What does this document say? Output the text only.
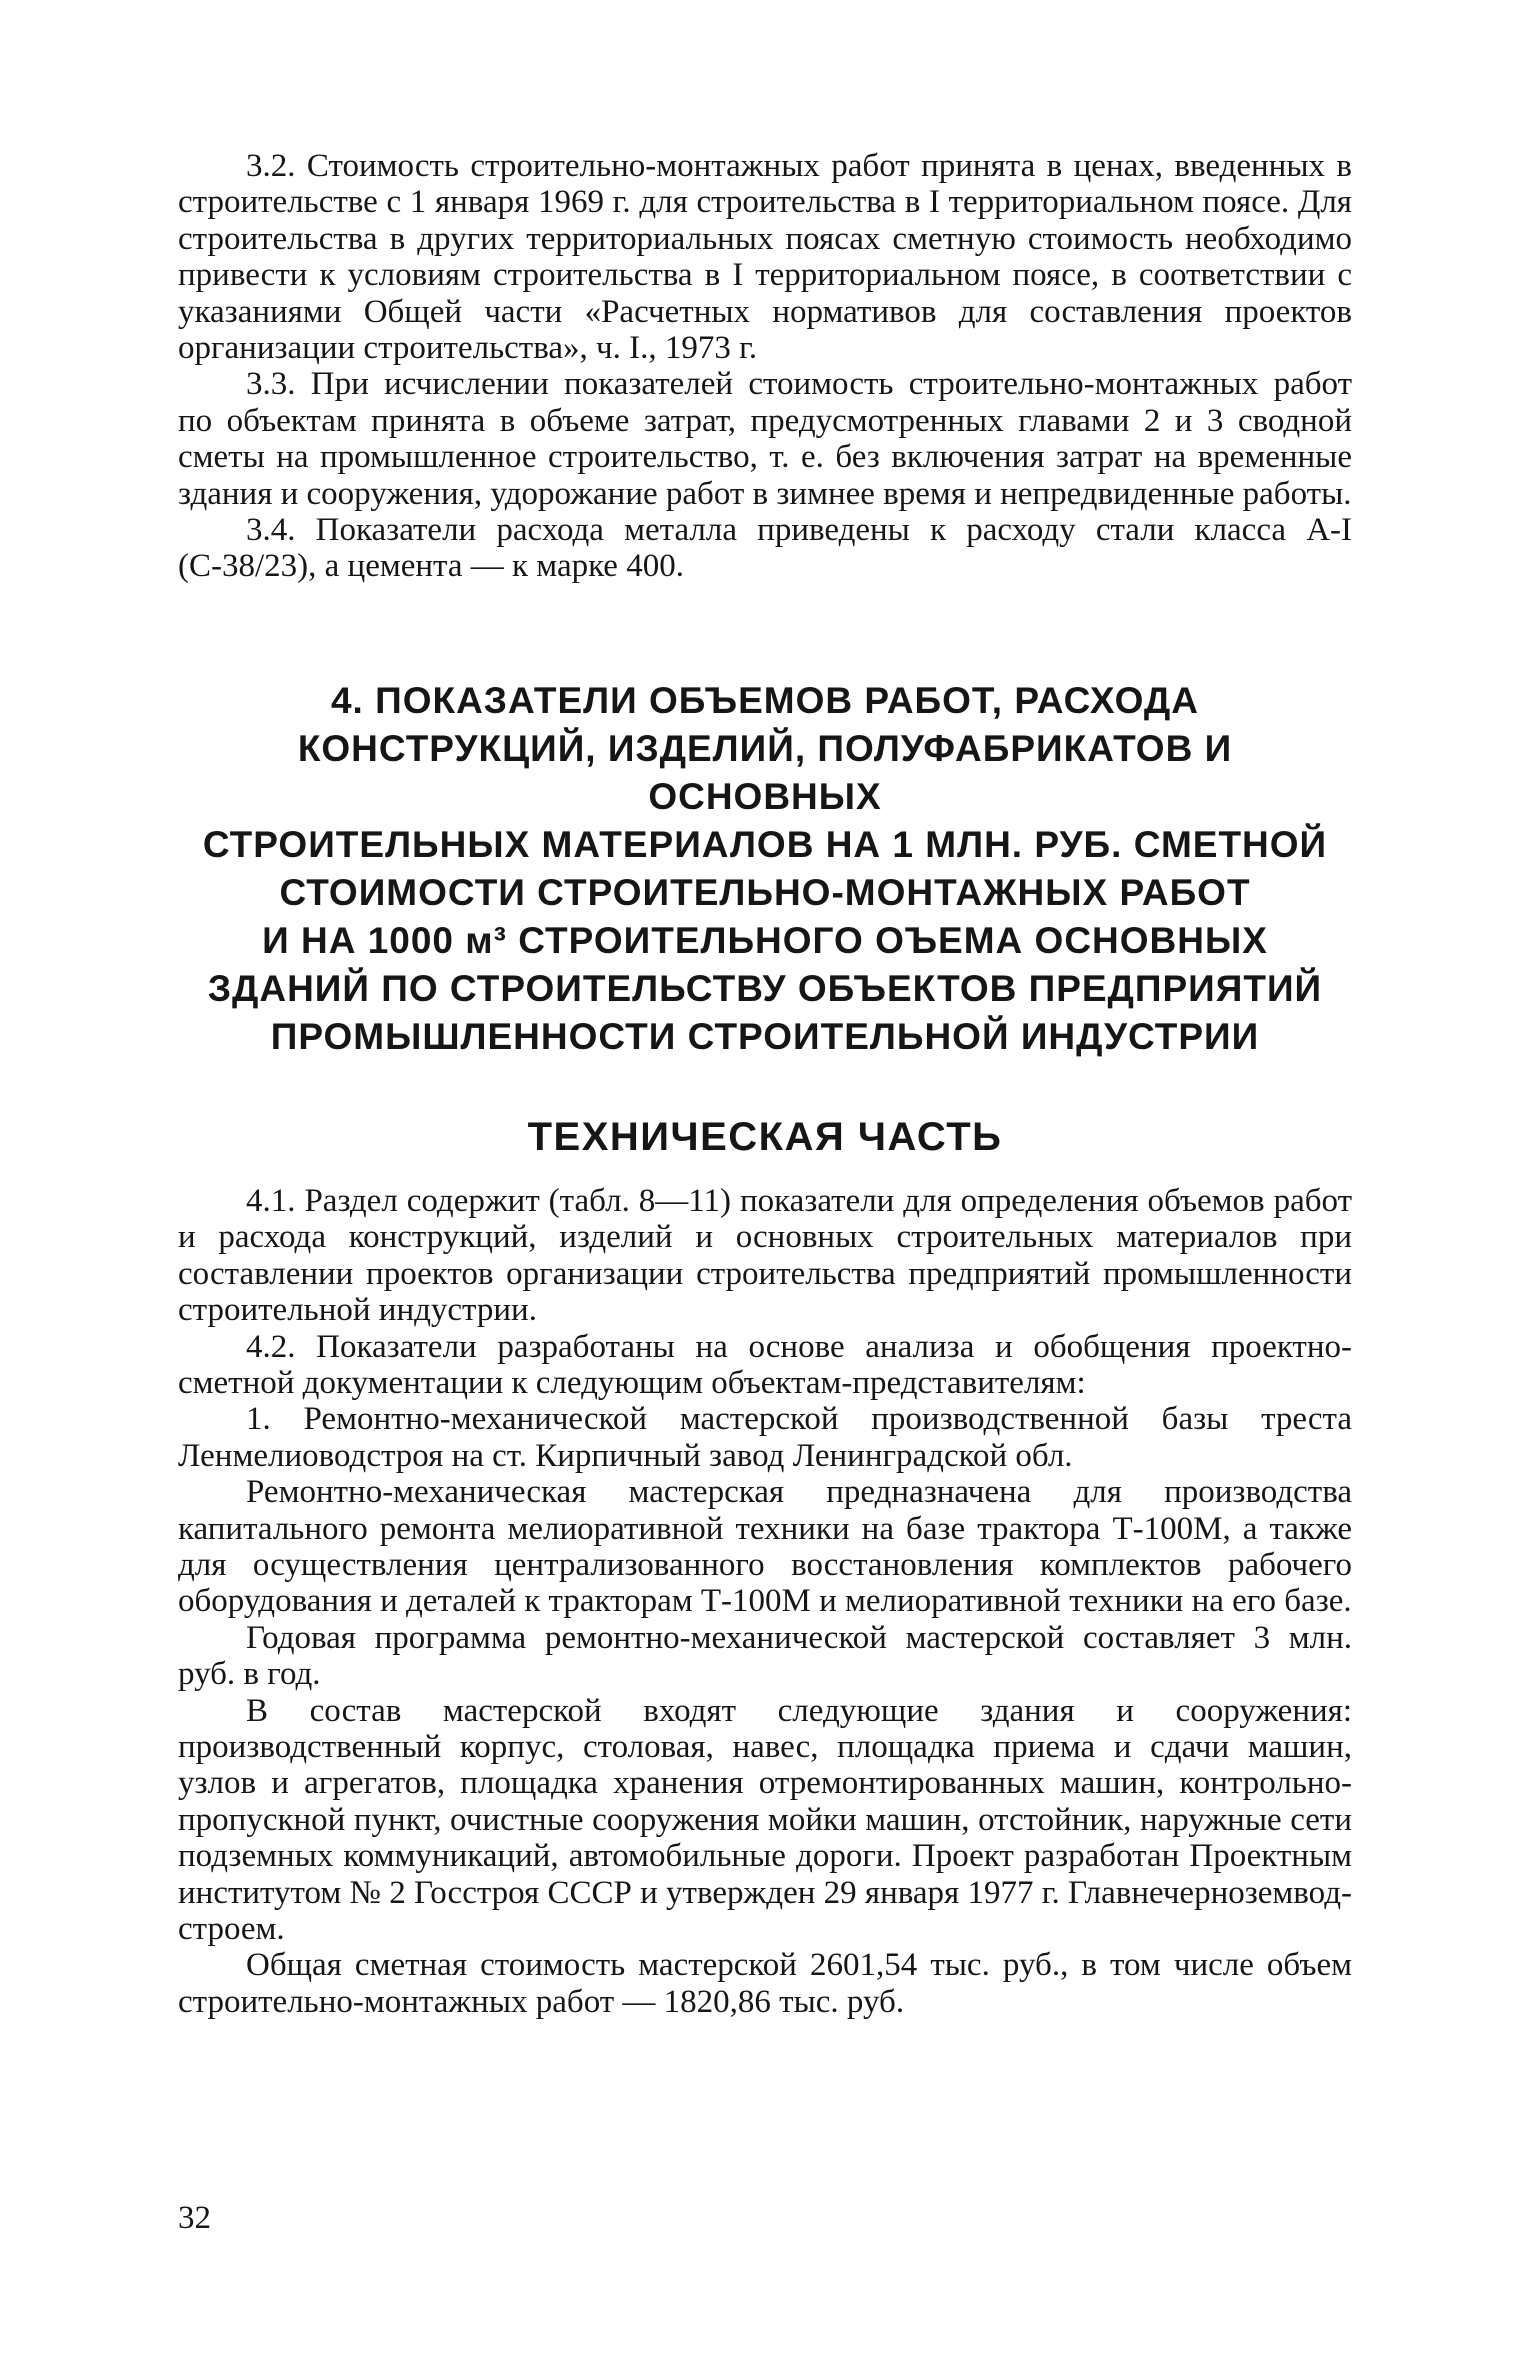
3.2. Стоимость строительно-монтажных работ принята в ценах, введенных в строительстве с 1 января 1969 г. для строительства в I территориальном поясе. Для строительства в других территориальных поясах сметную стоимость необходимо привести к условиям строительства в I территориальном поясе, в соответствии с указаниями Общей части «Расчетных нормативов для составления проектов организации строительства», ч. I., 1973 г.

3.3. При исчислении показателей стоимость строительно-монтажных работ по объектам принята в объеме затрат, предусмотренных главами 2 и 3 сводной сметы на промышленное строительство, т. е. без включения затрат на временные здания и сооружения, удорожание работ в зимнее время и непредвиденные работы.

3.4. Показатели расхода металла приведены к расходу стали класса А-I (С-38/23), а цемента — к марке 400.

4. ПОКАЗАТЕЛИ ОБЪЕМОВ РАБОТ, РАСХОДА
КОНСТРУКЦИЙ, ИЗДЕЛИЙ, ПОЛУФАБРИКАТОВ И ОСНОВНЫХ
СТРОИТЕЛЬНЫХ МАТЕРИАЛОВ НА 1 МЛН. РУБ. СМЕТНОЙ
СТОИМОСТИ СТРОИТЕЛЬНО-МОНТАЖНЫХ РАБОТ
И НА 1000 м³ СТРОИТЕЛЬНОГО ОЪЕМА ОСНОВНЫХ
ЗДАНИЙ ПО СТРОИТЕЛЬСТВУ ОБЪЕКТОВ ПРЕДПРИЯТИЙ
ПРОМЫШЛЕННОСТИ СТРОИТЕЛЬНОЙ ИНДУСТРИИ
ТЕХНИЧЕСКАЯ ЧАСТЬ

4.1. Раздел содержит (табл. 8—11) показатели для определения объемов работ и расхода конструкций, изделий и основных строительных материалов при составлении проектов организации строительства предприятий промышленности строительной индустрии.

4.2. Показатели разработаны на основе анализа и обобщения проектно-сметной документации к следующим объектам-представителям:

1. Ремонтно-механической мастерской производственной базы треста Ленмелиоводстроя на ст. Кирпичный завод Ленинградской обл.

Ремонтно-механическая мастерская предназначена для производства капитального ремонта мелиоративной техники на базе трактора Т-100М, а также для осуществления централизованного восстановления комплектов рабочего оборудования и деталей к тракторам Т-100М и мелиоративной техники на его базе.

Годовая программа ремонтно-механической мастерской составляет 3 млн. руб. в год.

В состав мастерской входят следующие здания и сооружения: производственный корпус, столовая, навес, площадка приема и сдачи машин, узлов и агрегатов, площадка хранения отремонтированных машин, контрольно-пропускной пункт, очистные сооружения мойки машин, отстойник, наружные сети подземных коммуникаций, автомобильные дороги. Проект разработан Проектным институтом № 2 Госстроя СССР и утвержден 29 января 1977 г. Главнечерноземводстроем.

Общая сметная стоимость мастерской 2601,54 тыс. руб., в том числе объем строительно-монтажных работ — 1820,86 тыс. руб.

32
